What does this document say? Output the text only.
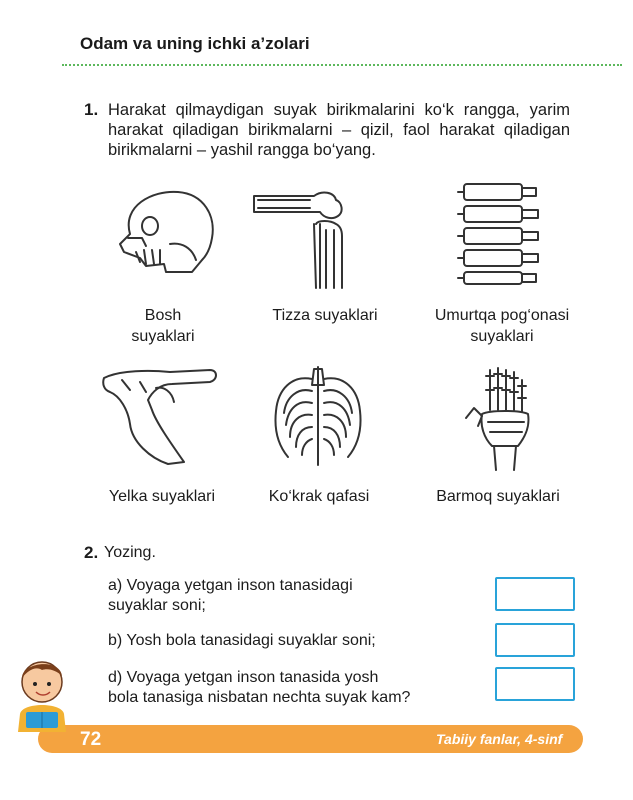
Odam va uning ichki a’zolari
1. Harakat qilmaydigan suyak birikmalarini ko‘k rangga, yarim harakat qiladigan birikmalarni – qizil, faol harakat qiladigan birikmalarni – yashil rangga bo‘yang.
Bosh
suyaklari
Tizza suyaklari	Umurtqa pog‘onasi
suyaklari
Yelka suyaklari	Ko‘krak qafasi	Barmoq suyaklari
2. Yozing.
a) Voyaga yetgan inson tanasidagi
suyaklar soni;
b) Yosh bola tanasidagi suyaklar soni;
d) Voyaga yetgan inson tanasida yosh
bola tanasiga nisbatan nechta suyak kam?
72	Tabiiy fanlar, 4-sinf
